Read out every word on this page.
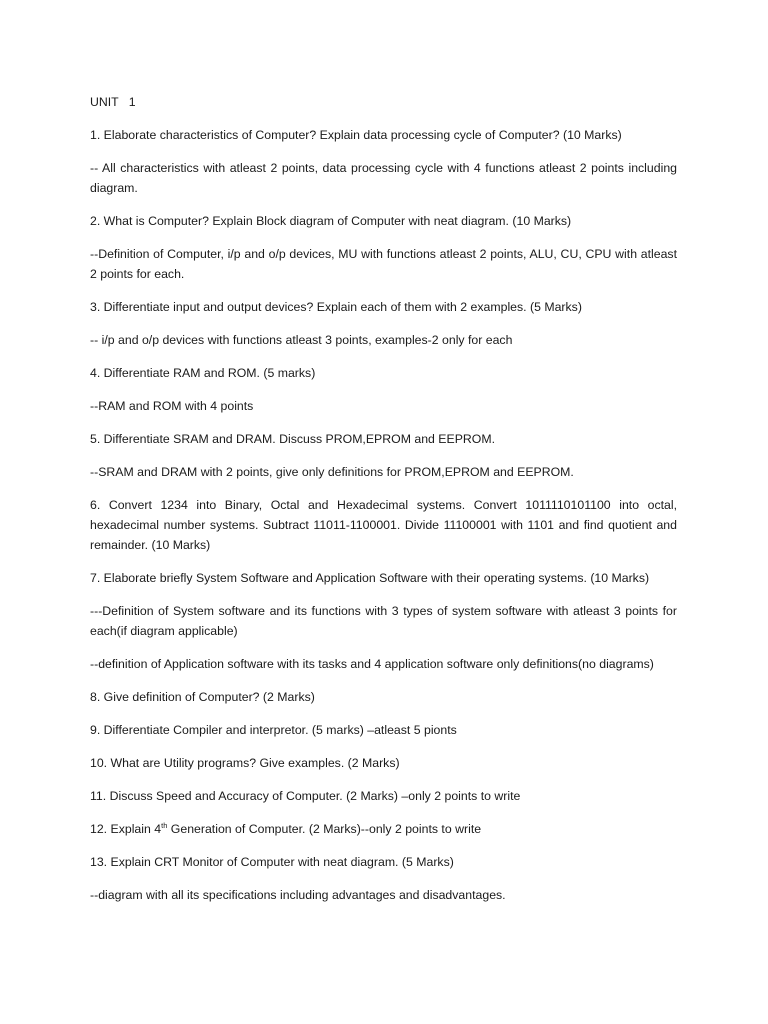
UNIT   1

1. Elaborate characteristics of Computer? Explain data processing cycle of Computer? (10 Marks)

-- All characteristics with atleast 2 points, data processing cycle with 4 functions atleast 2 points including diagram.

2. What is Computer? Explain Block diagram of Computer with neat diagram. (10 Marks)

--Definition of Computer, i/p and o/p devices, MU with functions atleast 2 points, ALU, CU, CPU with atleast 2 points for each.

3. Differentiate input and output devices? Explain each of them with 2 examples. (5 Marks)

-- i/p and o/p devices with functions atleast 3 points, examples-2 only for each

4. Differentiate RAM and ROM. (5 marks)

--RAM and ROM with 4 points

5. Differentiate SRAM and DRAM. Discuss PROM,EPROM and EEPROM.

--SRAM and DRAM with 2 points, give only definitions for PROM,EPROM and EEPROM.

6. Convert 1234 into Binary, Octal and Hexadecimal systems. Convert 1011110101100 into octal, hexadecimal number systems. Subtract 11011-1100001. Divide 11100001 with 1101 and find quotient and remainder. (10 Marks)

7. Elaborate briefly System Software and Application Software with their operating systems. (10 Marks)

---Definition of System software and its functions with 3 types of system software with atleast 3 points for each(if diagram applicable)

--definition of Application software with its tasks and 4 application software only definitions(no diagrams)

8. Give definition of Computer? (2 Marks)

9. Differentiate Compiler and interpretor. (5 marks) –atleast 5 pionts

10. What are Utility programs? Give examples. (2 Marks)

11. Discuss Speed and Accuracy of Computer. (2 Marks) –only 2 points to write

12. Explain 4th Generation of Computer. (2 Marks)--only 2 points to write

13. Explain CRT Monitor of Computer with neat diagram. (5 Marks)

--diagram with all its specifications including advantages and disadvantages.
